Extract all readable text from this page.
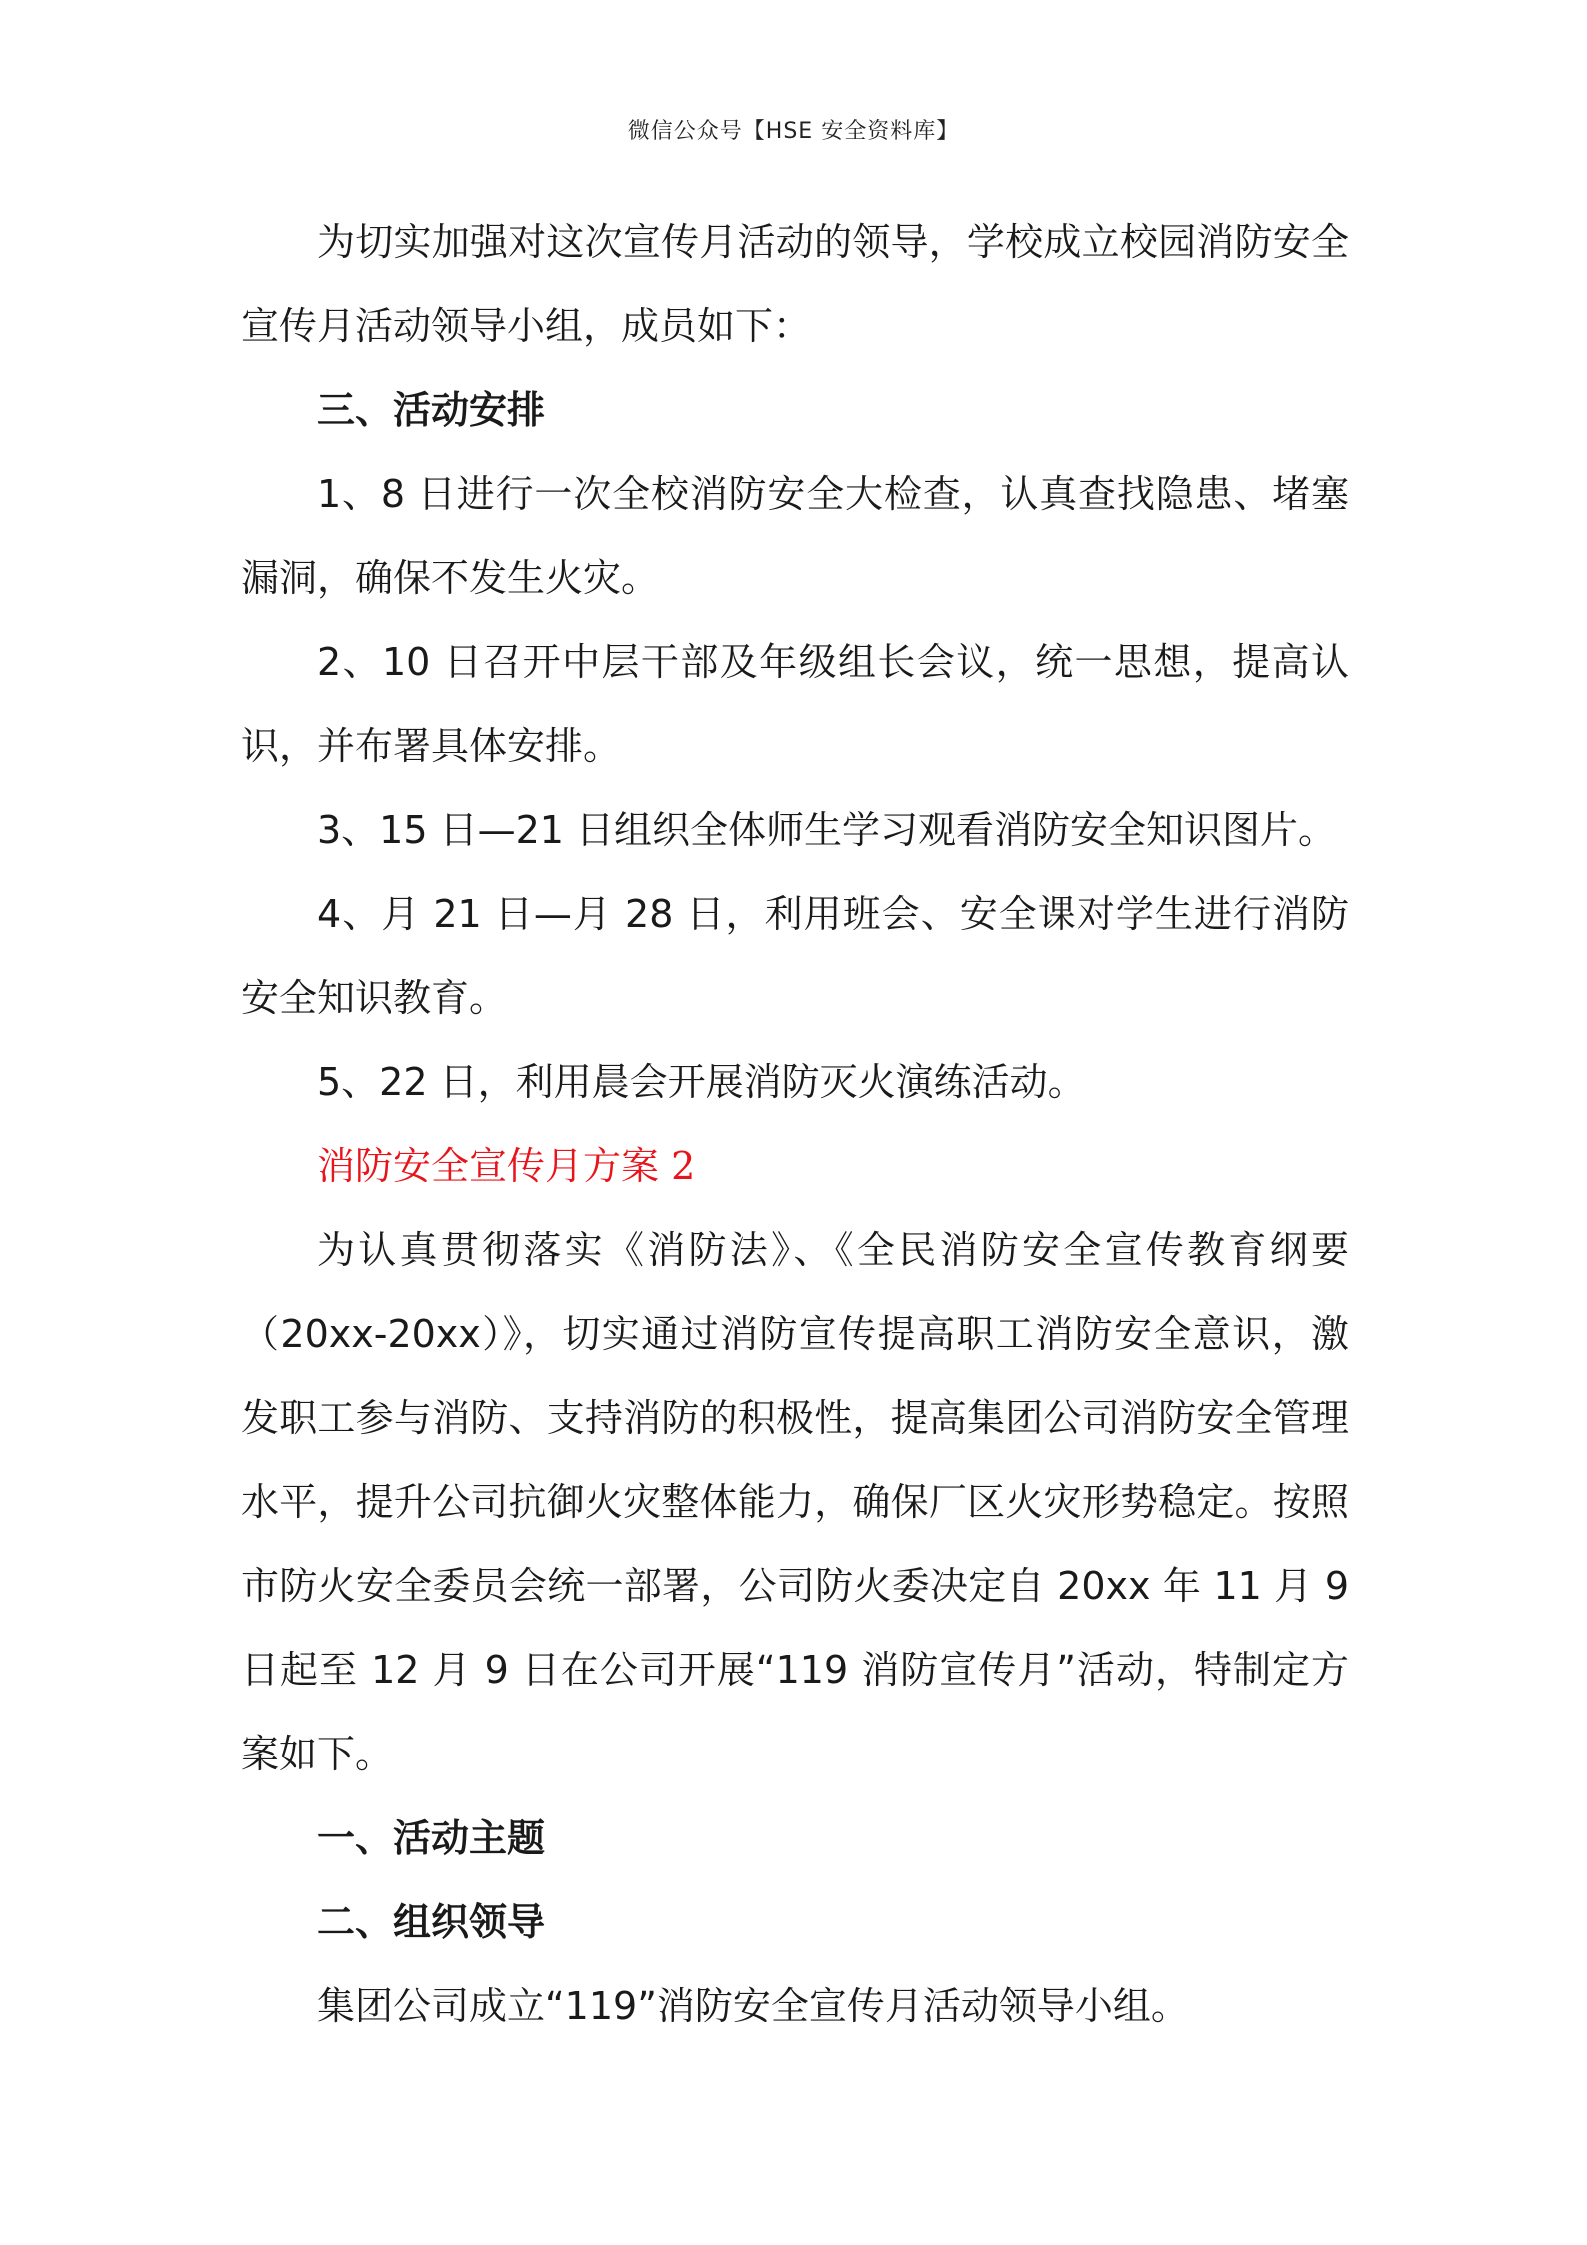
微信公众号【HSE 安全资料库】

为切实加强对这次宣传月活动的领导，学校成立校园消防安全宣传月活动领导小组，成员如下：

三、活动安排

1、8 日进行一次全校消防安全大检查，认真查找隐患、堵塞漏洞，确保不发生火灾。

2、10 日召开中层干部及年级组长会议，统一思想，提高认识，并布署具体安排。

3、15 日—21 日组织全体师生学习观看消防安全知识图片。

4、月 21 日—月 28 日，利用班会、安全课对学生进行消防安全知识教育。

5、22 日，利用晨会开展消防灭火演练活动。

消防安全宣传月方案 2

为认真贯彻落实《消防法》、《全民消防安全宣传教育纲要（20xx-20xx）》，切实通过消防宣传提高职工消防安全意识，激发职工参与消防、支持消防的积极性，提高集团公司消防安全管理水平，提升公司抗御火灾整体能力，确保厂区火灾形势稳定。按照市防火安全委员会统一部署，公司防火委决定自 20xx 年 11 月 9 日起至 12 月 9 日在公司开展“119 消防宣传月”活动，特制定方案如下。

一、活动主题

二、组织领导

集团公司成立“119”消防安全宣传月活动领导小组。
